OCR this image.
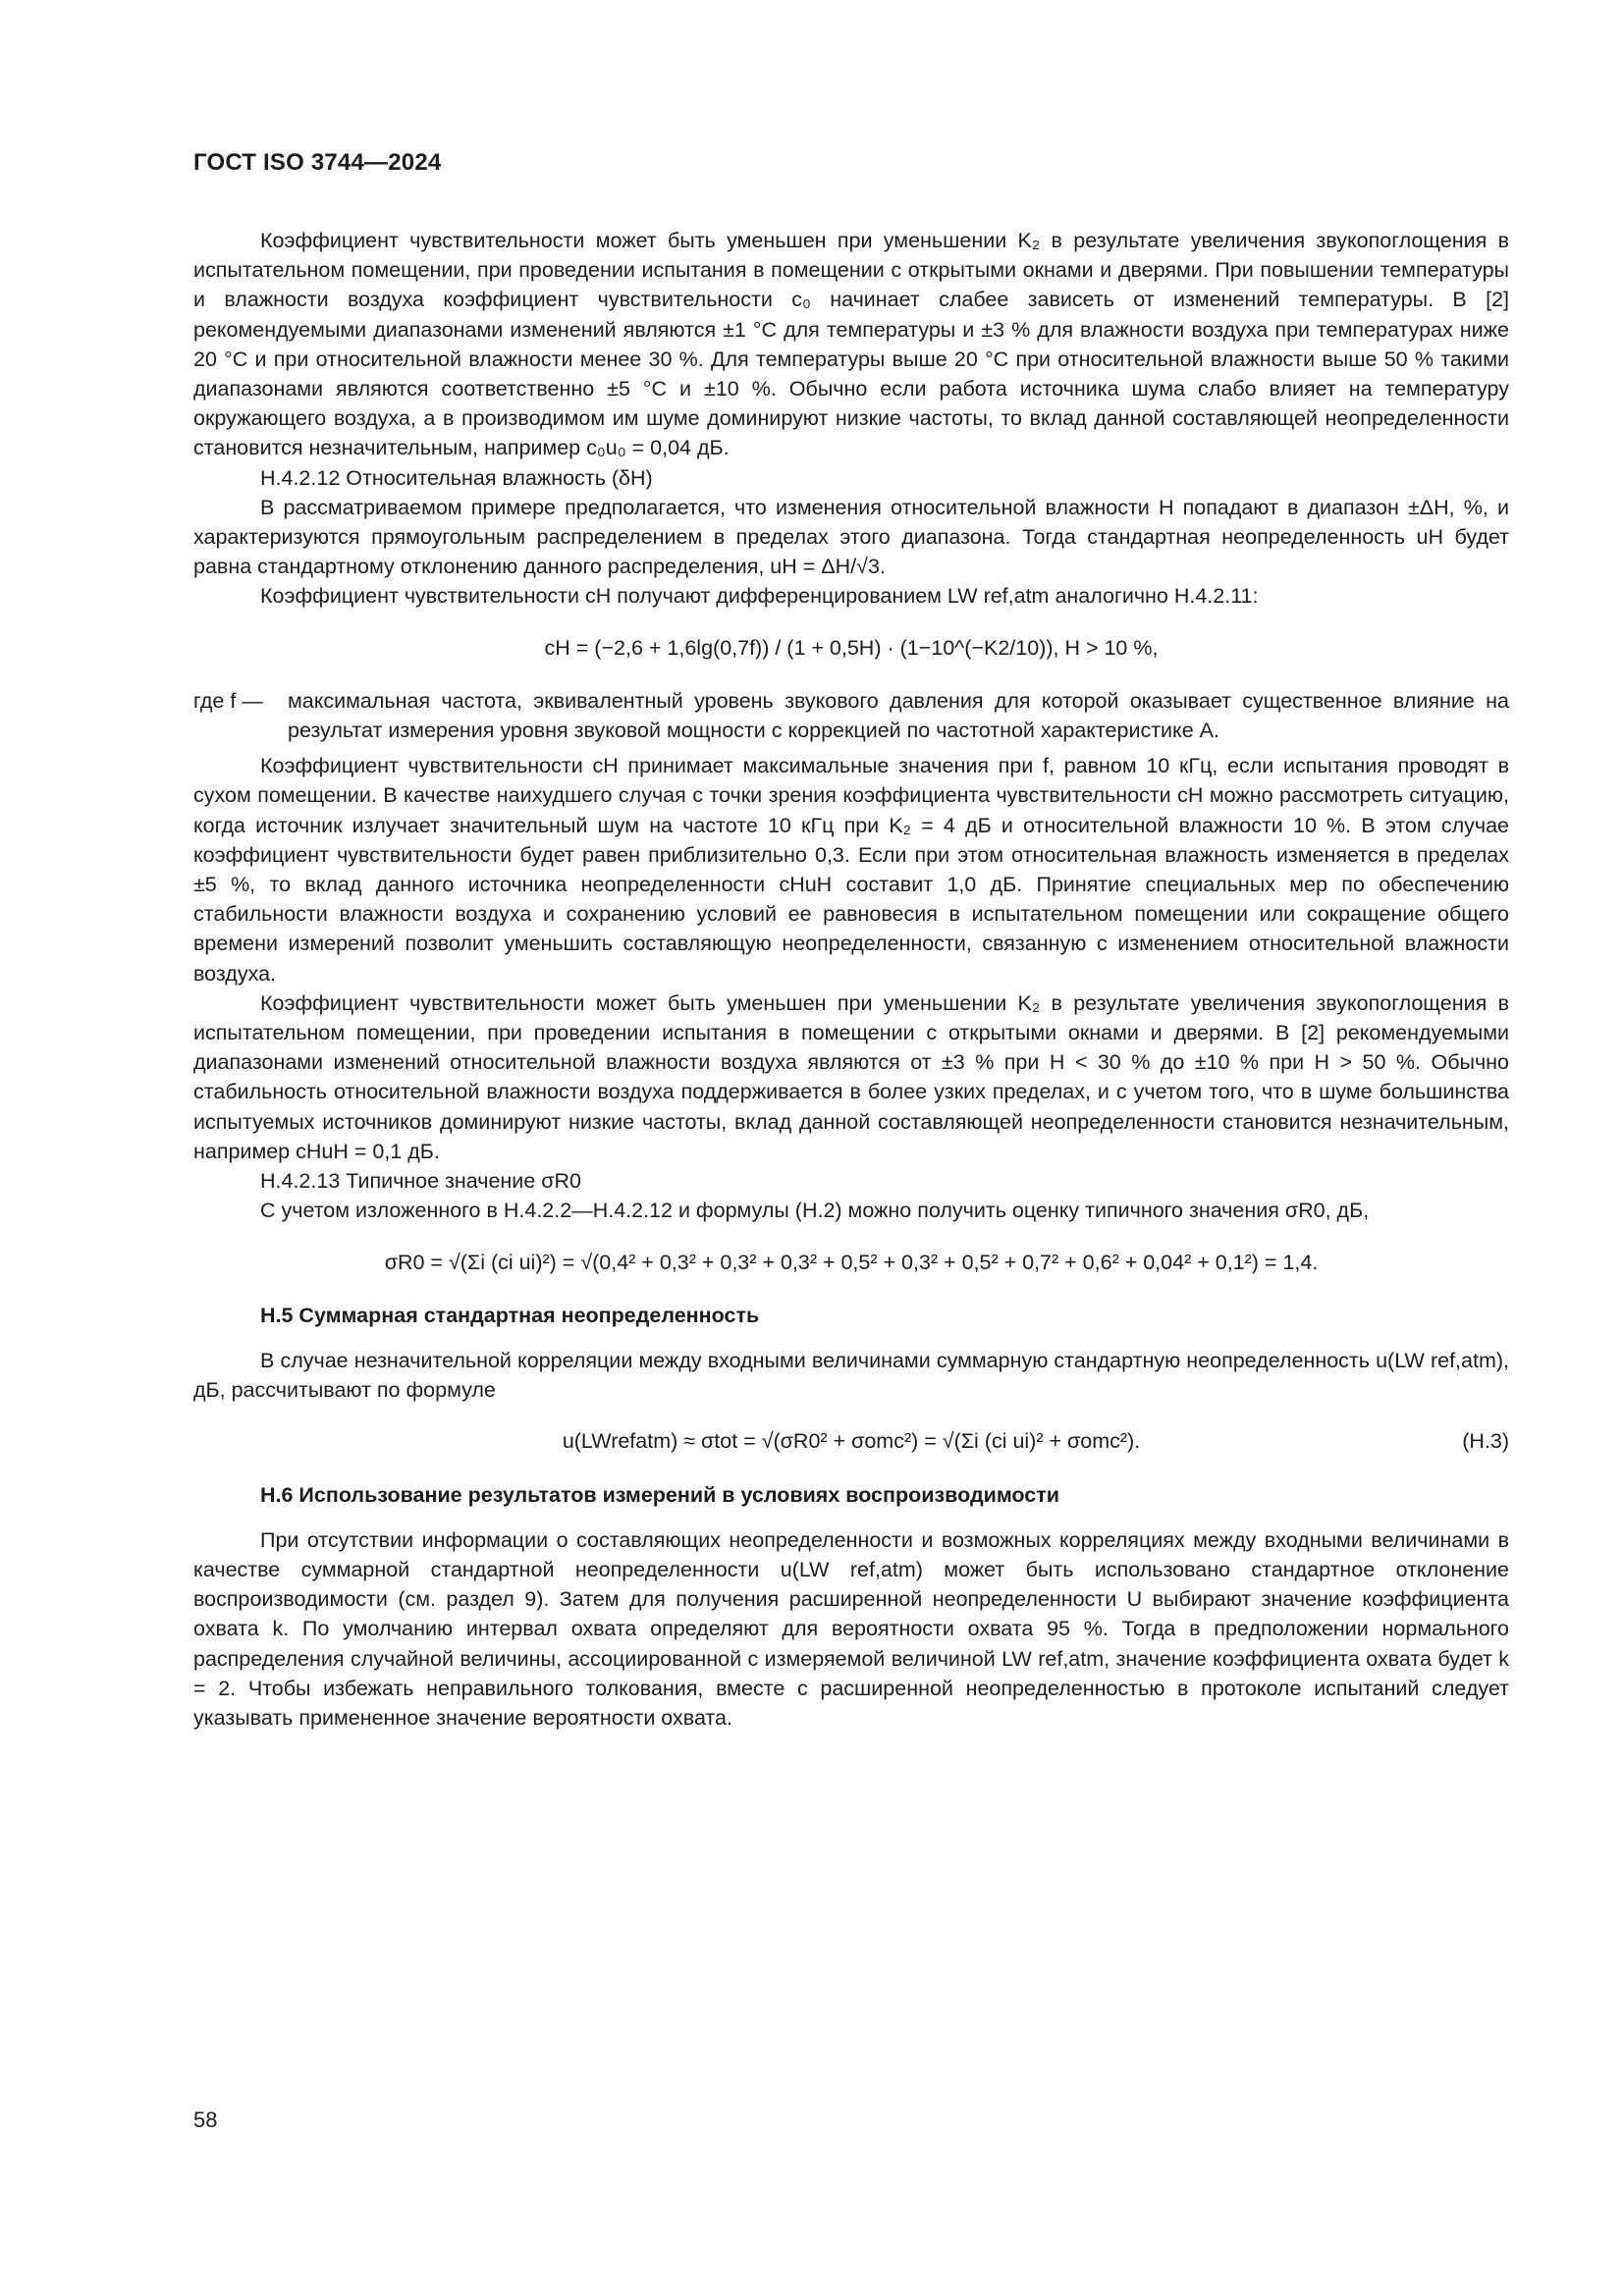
ГОСТ ISO 3744—2024

Коэффициент чувствительности может быть уменьшен при уменьшении K₂ в результате увеличения звукопоглощения в испытательном помещении, при проведении испытания в помещении с открытыми окнами и дверями. При повышении температуры и влажности воздуха коэффициент чувствительности c₀ начинает слабее зависеть от изменений температуры. В [2] рекомендуемыми диапазонами изменений являются ±1 °C для температуры и ±3 % для влажности воздуха при температурах ниже 20 °C и при относительной влажности менее 30 %. Для температуры выше 20 °C при относительной влажности выше 50 % такими диапазонами являются соответственно ±5 °C и ±10 %. Обычно если работа источника шума слабо влияет на температуру окружающего воздуха, а в производимом им шуме доминируют низкие частоты, то вклад данной составляющей неопределенности становится незначительным, например c₀u₀ = 0,04 дБ.

Н.4.2.12 Относительная влажность (δH)

В рассматриваемом примере предполагается, что изменения относительной влажности H попадают в диапазон ±ΔH, %, и характеризуются прямоугольным распределением в пределах этого диапазона. Тогда стандартная неопределенность uH будет равна стандартному отклонению данного распределения, uH = ΔH/√3.

Коэффициент чувствительности cH получают дифференцированием LW ref,atm аналогично Н.4.2.11:

cH = (−2,6 + 1,6lg(0,7f)) / (1 + 0,5H) · (1−10^(−K2/10)), H > 10 %,
где f — максимальная частота, эквивалентный уровень звукового давления для которой оказывает существенное влияние на результат измерения уровня звуковой мощности с коррекцией по частотной характеристике А.

Коэффициент чувствительности cH принимает максимальные значения при f, равном 10 кГц, если испытания проводят в сухом помещении. В качестве наихудшего случая с точки зрения коэффициента чувствительности cH можно рассмотреть ситуацию, когда источник излучает значительный шум на частоте 10 кГц при K₂ = 4 дБ и относительной влажности 10 %. В этом случае коэффициент чувствительности будет равен приблизительно 0,3. Если при этом относительная влажность изменяется в пределах ±5 %, то вклад данного источника неопределенности cHuH составит 1,0 дБ. Принятие специальных мер по обеспечению стабильности влажности воздуха и сохранению условий ее равновесия в испытательном помещении или сокращение общего времени измерений позволит уменьшить составляющую неопределенности, связанную с изменением относительной влажности воздуха.

Коэффициент чувствительности может быть уменьшен при уменьшении K₂ в результате увеличения звукопоглощения в испытательном помещении, при проведении испытания в помещении с открытыми окнами и дверями. В [2] рекомендуемыми диапазонами изменений относительной влажности воздуха являются от ±3 % при H < 30 % до ±10 % при H > 50 %. Обычно стабильность относительной влажности воздуха поддерживается в более узких пределах, и с учетом того, что в шуме большинства испытуемых источников доминируют низкие частоты, вклад данной составляющей неопределенности становится незначительным, например cHuH = 0,1 дБ.

Н.4.2.13 Типичное значение σR0

С учетом изложенного в Н.4.2.2—Н.4.2.12 и формулы (Н.2) можно получить оценку типичного значения σR0, дБ,

σR0 = √(Σi (ci ui)²) = √(0,4² + 0,3² + 0,3² + 0,3² + 0,5² + 0,3² + 0,5² + 0,7² + 0,6² + 0,04² + 0,1²) = 1,4.
Н.5 Суммарная стандартная неопределенность

В случае незначительной корреляции между входными величинами суммарную стандартную неопределенность u(LW ref,atm), дБ, рассчитывают по формуле

u(LWrefatm) ≈ σtot = √(σR0² + σomc²) = √(Σi (ci ui)² + σomc²).	(Н.3)
Н.6 Использование результатов измерений в условиях воспроизводимости

При отсутствии информации о составляющих неопределенности и возможных корреляциях между входными величинами в качестве суммарной стандартной неопределенности u(LW ref,atm) может быть использовано стандартное отклонение воспроизводимости (см. раздел 9). Затем для получения расширенной неопределенности U выбирают значение коэффициента охвата k. По умолчанию интервал охвата определяют для вероятности охвата 95 %. Тогда в предположении нормального распределения случайной величины, ассоциированной с измеряемой величиной LW ref,atm, значение коэффициента охвата будет k = 2. Чтобы избежать неправильного толкования, вместе с расширенной неопределенностью в протоколе испытаний следует указывать примененное значение вероятности охвата.

58
